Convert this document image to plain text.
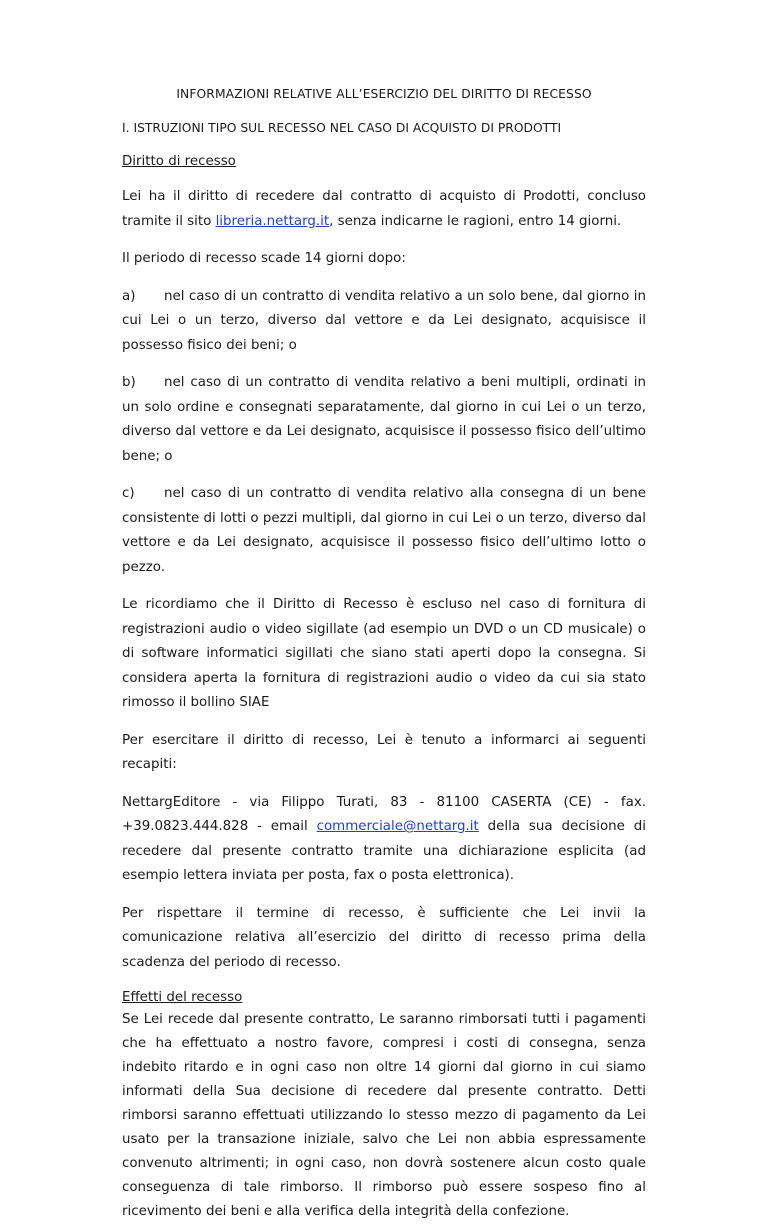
INFORMAZIONI RELATIVE ALL’ESERCIZIO DEL DIRITTO DI RECESSO
I. ISTRUZIONI TIPO SUL RECESSO NEL CASO DI ACQUISTO DI PRODOTTI
Diritto di recesso

Lei ha il diritto di recedere dal contratto di acquisto di Prodotti, concluso tramite il sito libreria.nettarg.it, senza indicarne le ragioni, entro 14 giorni.

Il periodo di recesso scade 14 giorni dopo:

a) nel caso di un contratto di vendita relativo a un solo bene, dal giorno in cui Lei o un terzo, diverso dal vettore e da Lei designato, acquisisce il possesso fisico dei beni; o

b) nel caso di un contratto di vendita relativo a beni multipli, ordinati in un solo ordine e consegnati separatamente, dal giorno in cui Lei o un terzo, diverso dal vettore e da Lei designato, acquisisce il possesso fisico dell’ultimo bene; o

c) nel caso di un contratto di vendita relativo alla consegna di un bene consistente di lotti o pezzi multipli, dal giorno in cui Lei o un terzo, diverso dal vettore e da Lei designato, acquisisce il possesso fisico dell’ultimo lotto o pezzo.

Le ricordiamo che il Diritto di Recesso è escluso nel caso di fornitura di registrazioni audio o video sigillate (ad esempio un DVD o un CD musicale) o di software informatici sigillati che siano stati aperti dopo la consegna. Si considera aperta la fornitura di registrazioni audio o video da cui sia stato rimosso il bollino SIAE

Per esercitare il diritto di recesso, Lei è tenuto a informarci ai seguenti recapiti:

NettargEditore - via Filippo Turati, 83 - 81100 CASERTA (CE) - fax. +39.0823.444.828 - email commerciale@nettarg.it della sua decisione di recedere dal presente contratto tramite una dichiarazione esplicita (ad esempio lettera inviata per posta, fax o posta elettronica).

Per rispettare il termine di recesso, è sufficiente che Lei invii la comunicazione relativa all’esercizio del diritto di recesso prima della scadenza del periodo di recesso.

Effetti del recesso

Se Lei recede dal presente contratto, Le saranno rimborsati tutti i pagamenti che ha effettuato a nostro favore, compresi i costi di consegna, senza indebito ritardo e in ogni caso non oltre 14 giorni dal giorno in cui siamo informati della Sua decisione di recedere dal presente contratto. Detti rimborsi saranno effettuati utilizzando lo stesso mezzo di pagamento da Lei usato per la transazione iniziale, salvo che Lei non abbia espressamente convenuto altrimenti; in ogni caso, non dovrà sostenere alcun costo quale conseguenza di tale rimborso. Il rimborso può essere sospeso fino al ricevimento dei beni e alla verifica della integrità della confezione.
